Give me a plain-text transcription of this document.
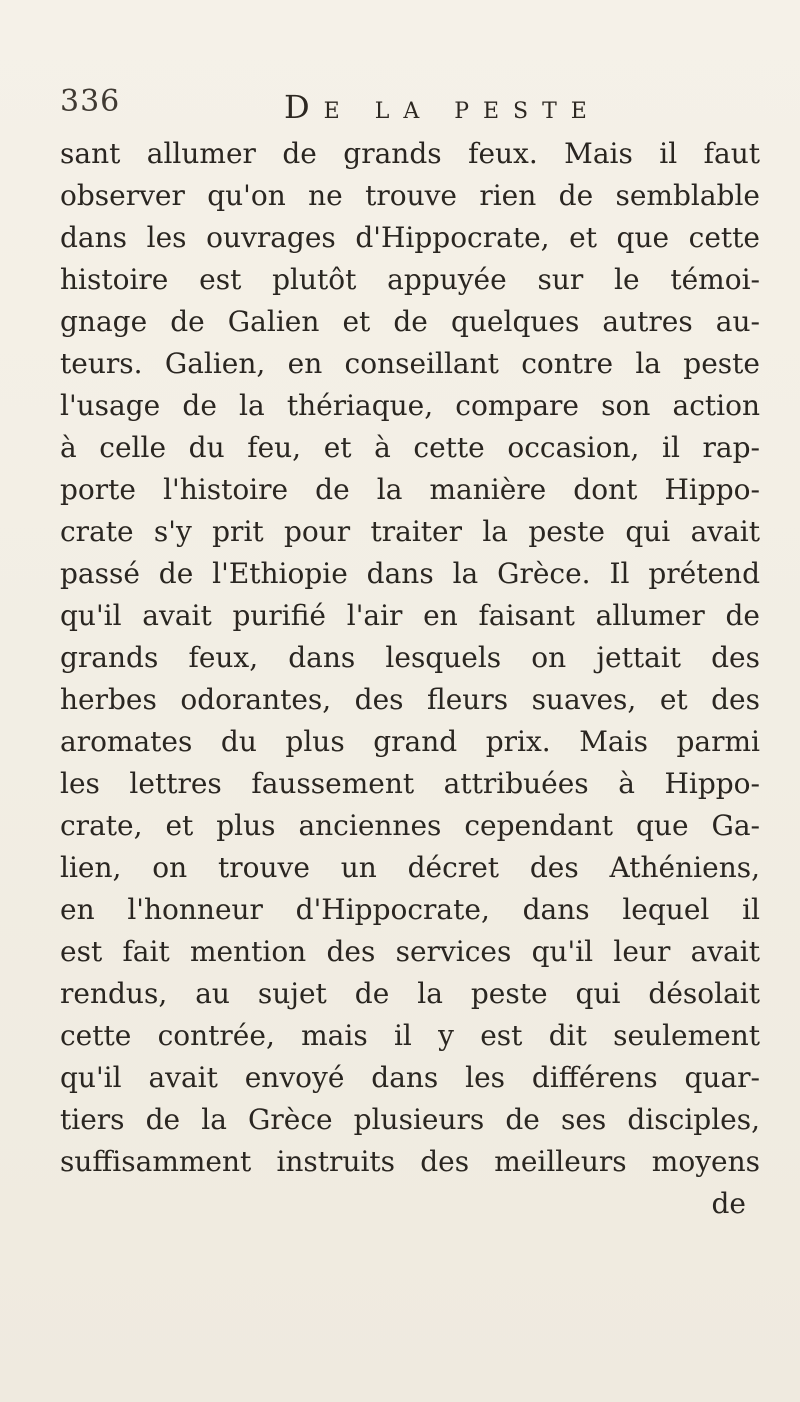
336	DE LA PESTE
sant allumer de grands feux. Mais il faut
observer qu'on ne trouve rien de semblable
dans les ouvrages d'Hippocrate, et que cette
histoire est plutôt appuyée sur le témoi-
gnage de Galien et de quelques autres au-
teurs. Galien, en conseillant contre la peste
l'usage de la thériaque, compare son action
à celle du feu, et à cette occasion, il rap-
porte l'histoire de la manière dont Hippo-
crate s'y prit pour traiter la peste qui avait
passé de l'Ethiopie dans la Grèce. Il prétend
qu'il avait purifié l'air en faisant allumer de
grands feux, dans lesquels on jettait des
herbes odorantes, des fleurs suaves, et des
aromates du plus grand prix. Mais parmi
les lettres faussement attribuées à Hippo-
crate, et plus anciennes cependant que Ga-
lien, on trouve un décret des Athéniens,
en l'honneur d'Hippocrate, dans lequel il
est fait mention des services qu'il leur avait
rendus, au sujet de la peste qui désolait
cette contrée, mais il y est dit seulement
qu'il avait envoyé dans les différens quar-
tiers de la Grèce plusieurs de ses disciples,
suffisamment instruits des meilleurs moyens
de
